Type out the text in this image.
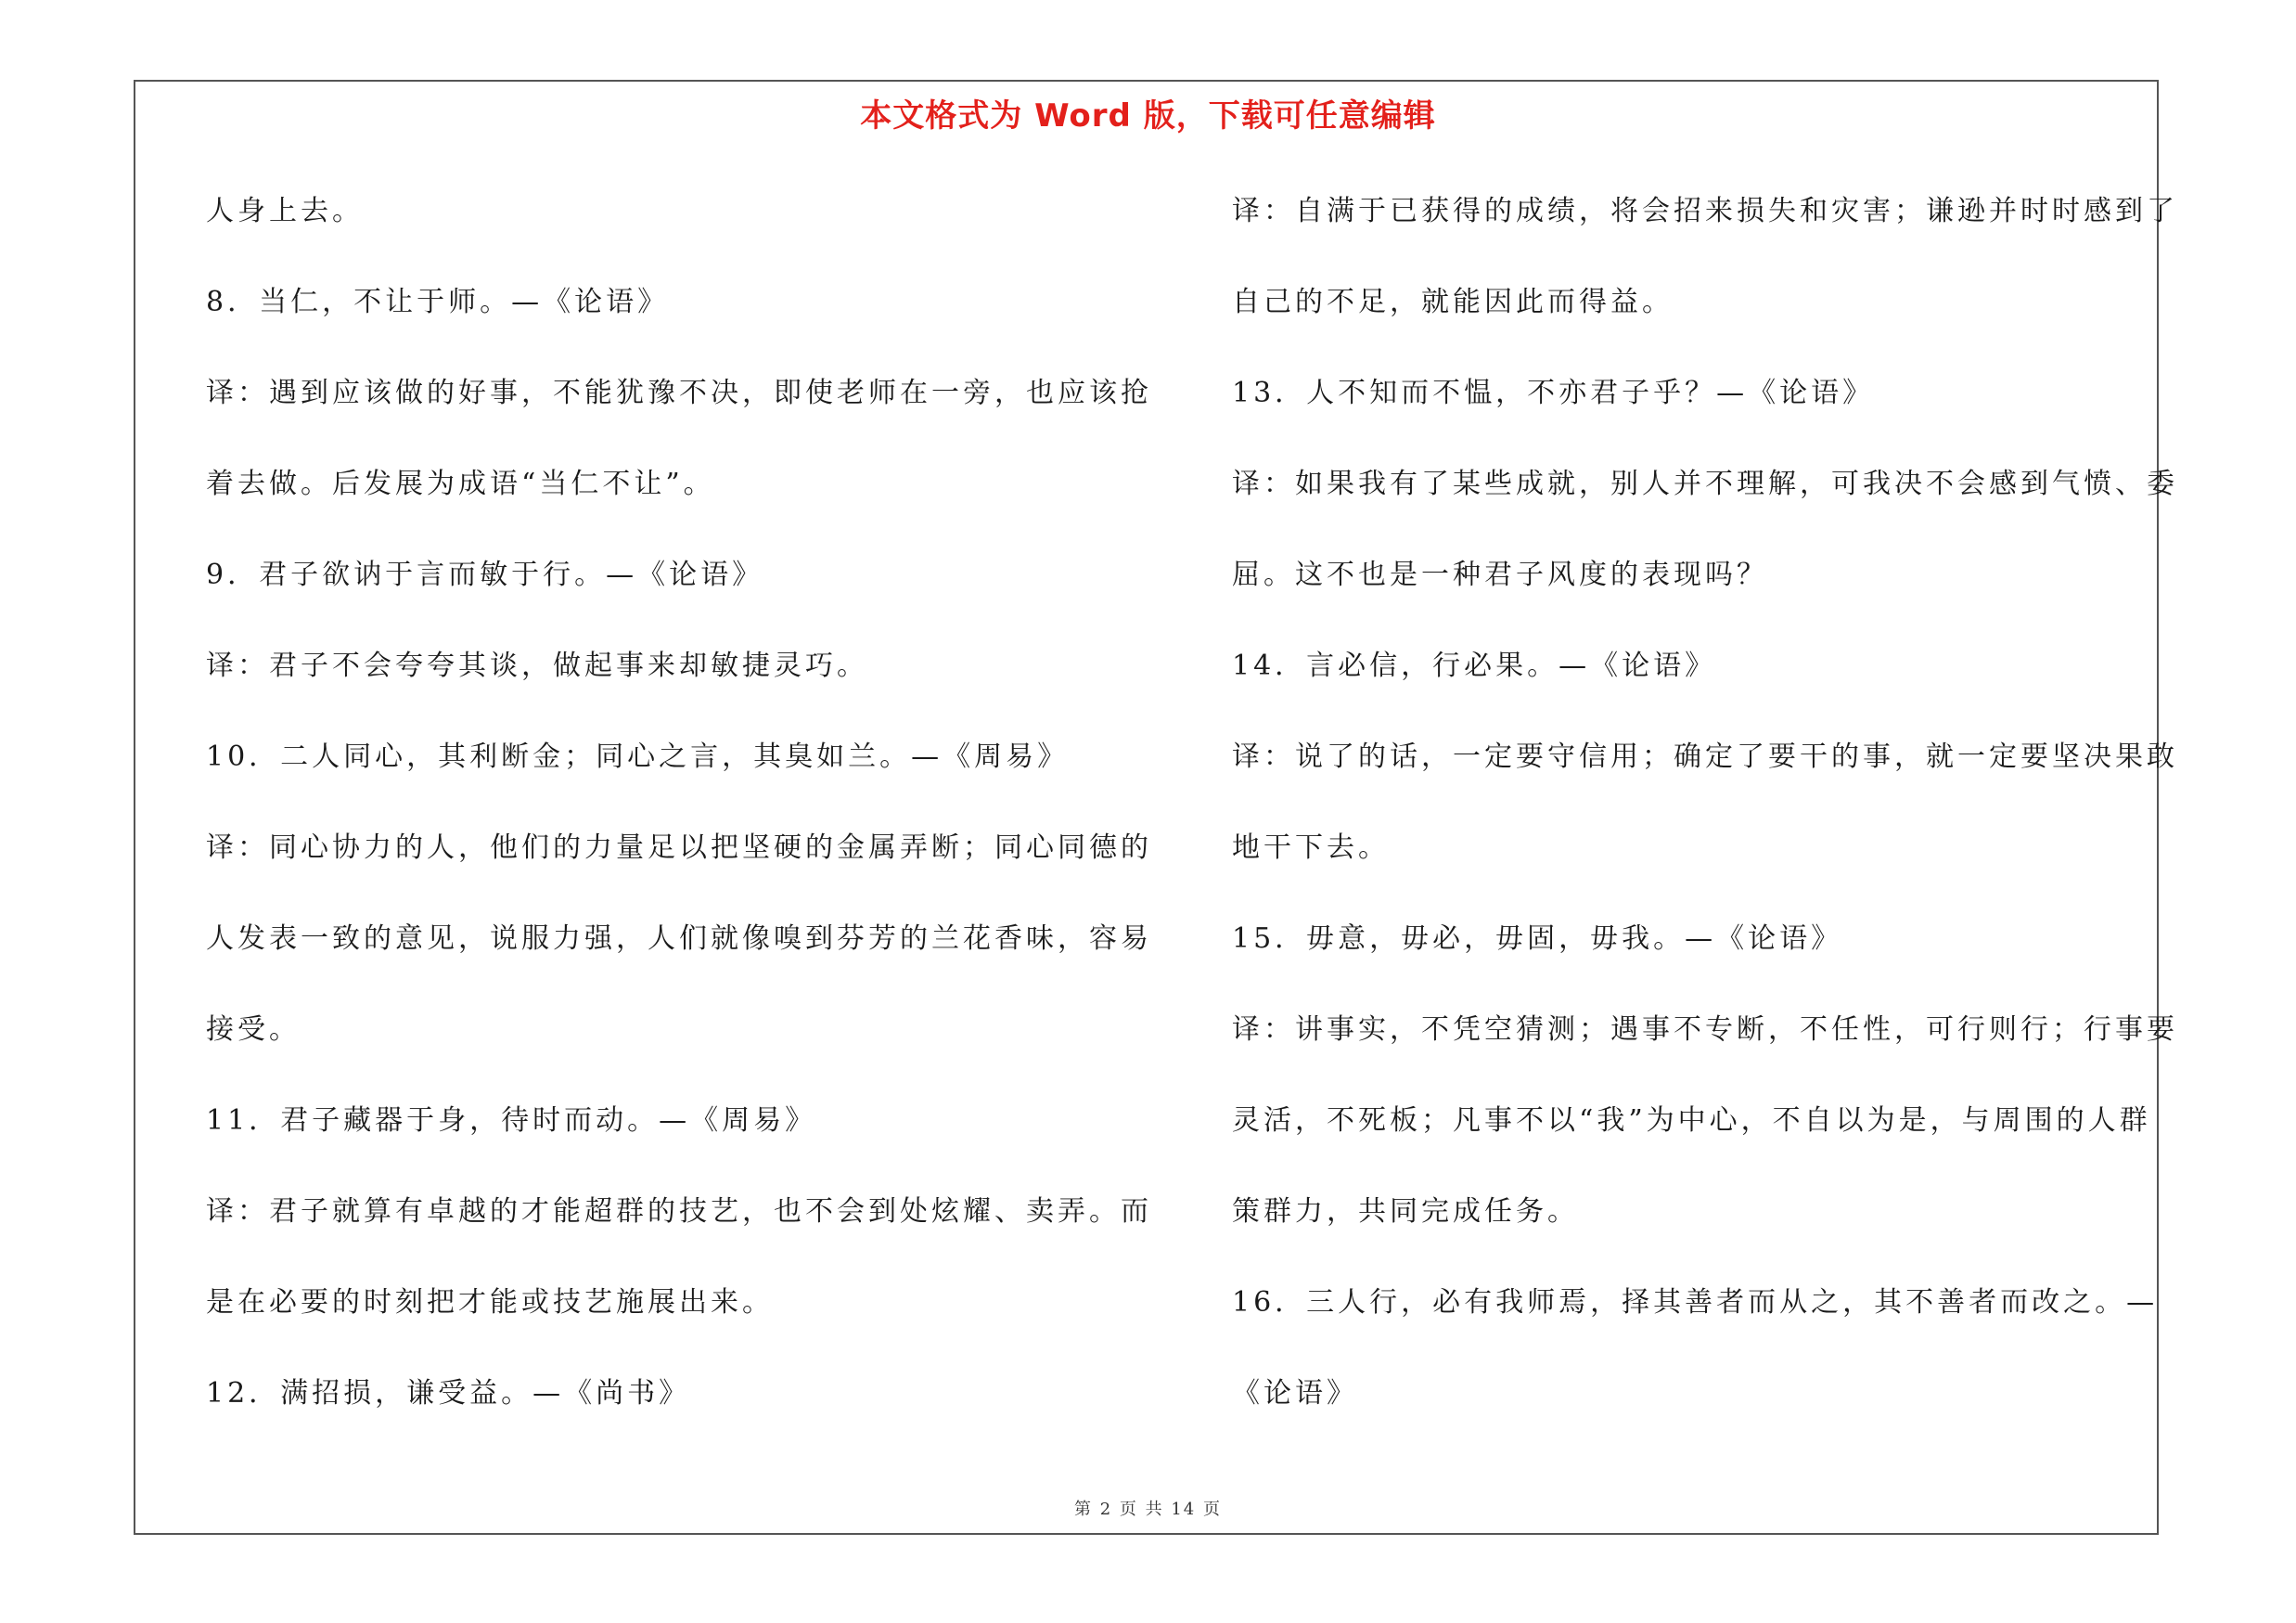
本文格式为 Word 版，下载可任意编辑
人身上去。
8．当仁，不让于师。—《论语》
译：遇到应该做的好事，不能犹豫不决，即使老师在一旁，也应该抢
着去做。后发展为成语“当仁不让”。
9．君子欲讷于言而敏于行。—《论语》
译：君子不会夸夸其谈，做起事来却敏捷灵巧。
10．二人同心，其利断金；同心之言，其臭如兰。—《周易》
译：同心协力的人，他们的力量足以把坚硬的金属弄断；同心同德的
人发表一致的意见，说服力强，人们就像嗅到芬芳的兰花香味，容易
接受。
11．君子藏器于身，待时而动。—《周易》
译：君子就算有卓越的才能超群的技艺，也不会到处炫耀、卖弄。而
是在必要的时刻把才能或技艺施展出来。
12．满招损，谦受益。—《尚书》
译：自满于已获得的成绩，将会招来损失和灾害；谦逊并时时感到了
自己的不足，就能因此而得益。
13．人不知而不愠，不亦君子乎？—《论语》
译：如果我有了某些成就，别人并不理解，可我决不会感到气愤、委
屈。这不也是一种君子风度的表现吗？
14．言必信，行必果。—《论语》
译：说了的话，一定要守信用；确定了要干的事，就一定要坚决果敢
地干下去。
15．毋意，毋必，毋固，毋我。—《论语》
译：讲事实，不凭空猜测；遇事不专断，不任性，可行则行；行事要
灵活，不死板；凡事不以“我”为中心，不自以为是，与周围的人群
策群力，共同完成任务。
16．三人行，必有我师焉，择其善者而从之，其不善者而改之。—
《论语》
第 2 页 共 14 页
